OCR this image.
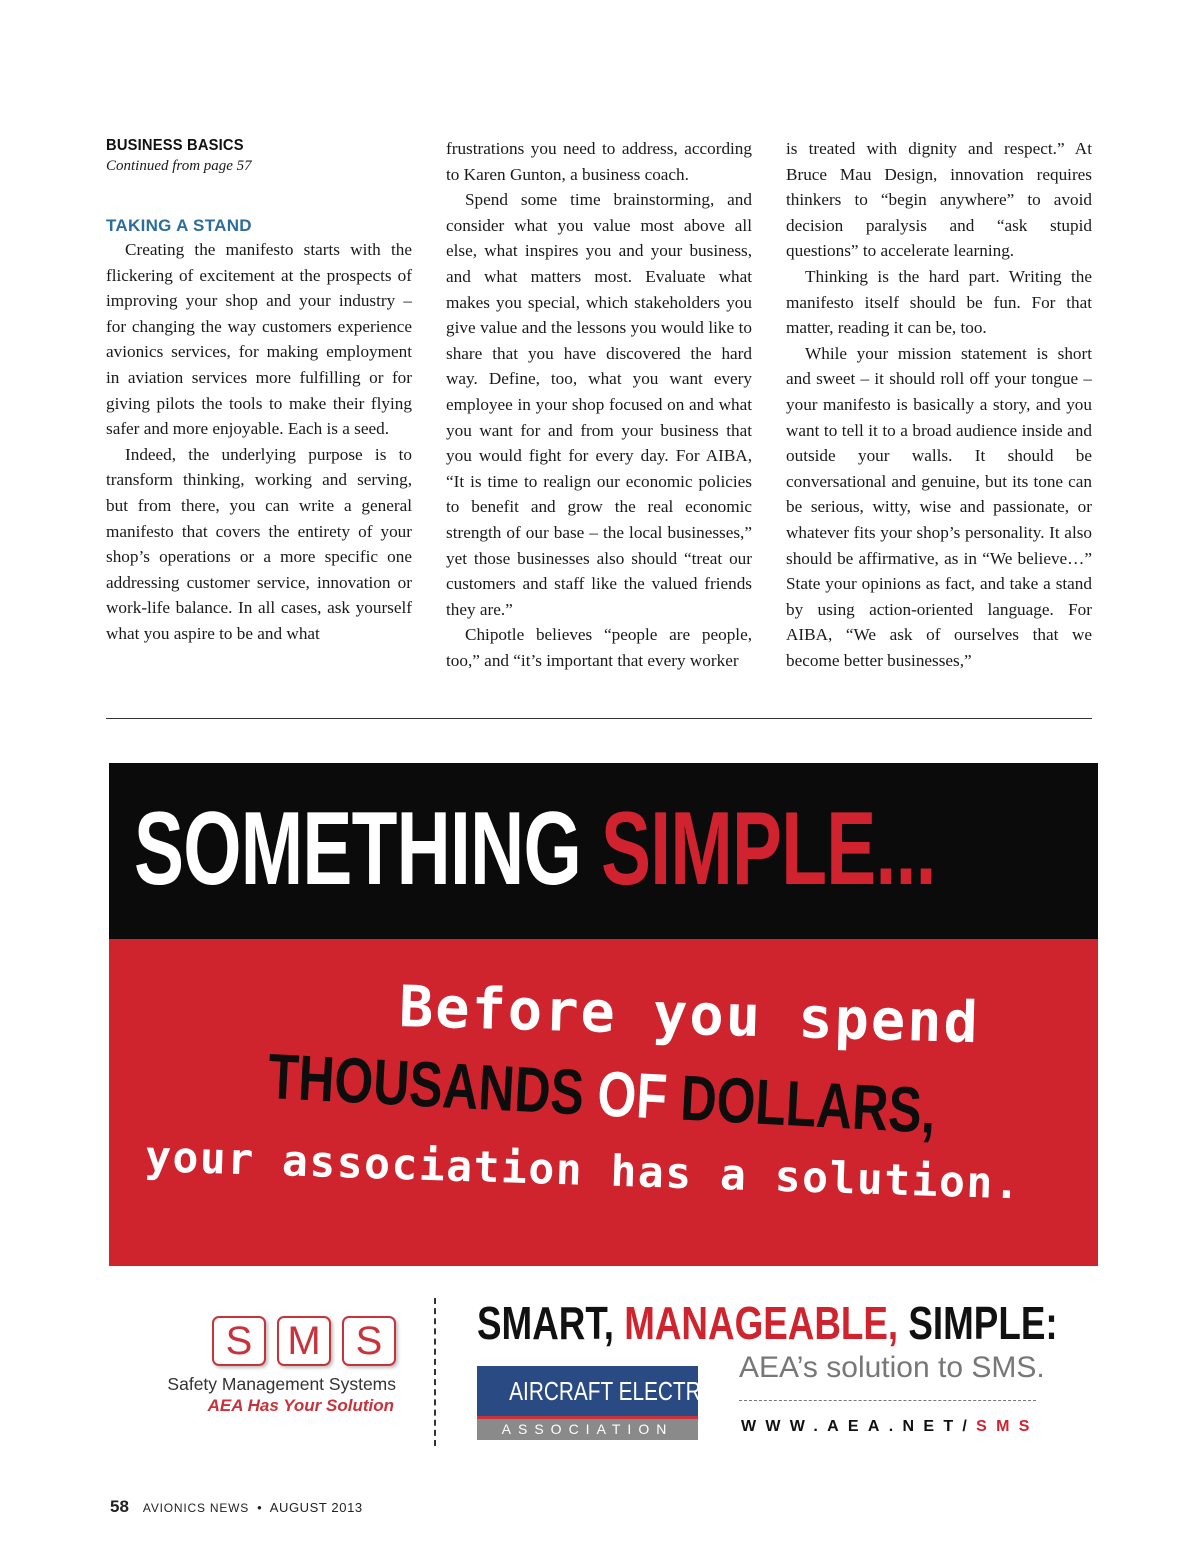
BUSINESS BASICS
Continued from page 57
TAKING A STAND

Creating the manifesto starts with the flickering of excitement at the prospects of improving your shop and your industry – for changing the way customers experience avionics services, for making employment in aviation services more fulfilling or for giving pilots the tools to make their flying safer and more enjoyable. Each is a seed.

Indeed, the underlying purpose is to transform thinking, working and serving, but from there, you can write a general manifesto that covers the entirety of your shop’s operations or a more specific one addressing customer service, innovation or work-life balance. In all cases, ask yourself what you aspire to be and what

frustrations you need to address, according to Karen Gunton, a business coach.

Spend some time brainstorming, and consider what you value most above all else, what inspires you and your business, and what matters most. Evaluate what makes you special, which stakeholders you give value and the lessons you would like to share that you have discovered the hard way. Define, too, what you want every employee in your shop focused on and what you want for and from your business that you would fight for every day. For AIBA, “It is time to realign our economic policies to benefit and grow the real economic strength of our base – the local businesses,” yet those businesses also should “treat our customers and staff like the valued friends they are.”

Chipotle believes “people are people, too,” and “it’s important that every worker

is treated with dignity and respect.” At Bruce Mau Design, innovation requires thinkers to “begin anywhere” to avoid decision paralysis and “ask stupid questions” to accelerate learning.

Thinking is the hard part. Writing the manifesto itself should be fun. For that matter, reading it can be, too.

While your mission statement is short and sweet – it should roll off your tongue – your manifesto is basically a story, and you want to tell it to a broad audience inside and outside your walls. It should be conversational and genuine, but its tone can be serious, witty, wise and passionate, or whatever fits your shop’s personality. It also should be affirmative, as in “We believe…” State your opinions as fact, and take a stand by using action-oriented language. For AIBA, “We ask of ourselves that we become better businesses,”

SOMETHING SIMPLE...
Before you spend
THOUSANDS OF DOLLARS,
your association has a solution.
S M S
Safety Management Systems
AEA Has Your Solution
SMART, MANAGEABLE, SIMPLE:
AIRCRAFT ELECTRONICS
ASSOCIATION
AEA’s solution to SMS.
WWW.AEA.NET/SMS
58 AVIONICS NEWS • AUGUST 2013
